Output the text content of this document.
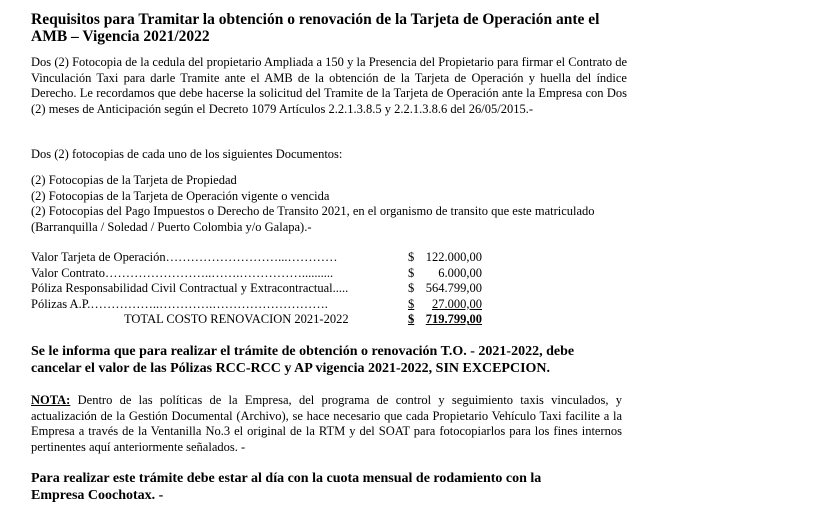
Requisitos para Tramitar la obtención o renovación de la Tarjeta de Operación ante el AMB – Vigencia 2021/2022
Dos (2) Fotocopia de la cedula del propietario Ampliada a 150 y la Presencia del Propietario para firmar el Contrato de Vinculación Taxi para darle Tramite ante el AMB de la obtención de la Tarjeta de Operación y huella del índice Derecho. Le recordamos que debe hacerse la solicitud del Tramite de la Tarjeta de Operación ante la Empresa con Dos (2) meses de Anticipación según el Decreto 1079 Artículos 2.2.1.3.8.5 y 2.2.1.3.8.6 del 26/05/2015.-
Dos (2) fotocopias de cada uno de los siguientes Documentos:
(2) Fotocopias de la Tarjeta de Propiedad
(2) Fotocopias de la Tarjeta de Operación vigente o vencida
(2) Fotocopias del Pago Impuestos o Derecho de Transito 2021, en el organismo de transito que este matriculado (Barranquilla / Soledad / Puerto Colombia y/o Galapa).-
Valor Tarjeta de Operación………………………...…………	$ 122.000,00
Valor Contrato……………………..…….……………..........	$	6.000,00
Póliza Responsabilidad Civil Contractual y Extracontractual.....	$ 564.799,00
Pólizas A.P.……………..………….……………………….	$	27.000,00
TOTAL COSTO RENOVACION 2021-2022	$ 719.799,00
Se le informa que para realizar el trámite de obtención o renovación T.O. - 2021-2022, debe cancelar el valor de las Pólizas RCC-RCC y AP vigencia 2021-2022, SIN EXCEPCION.
NOTA: Dentro de las políticas de la Empresa, del programa de control y seguimiento taxis vinculados, y actualización de la Gestión Documental (Archivo), se hace necesario que cada Propietario Vehículo Taxi facilite a la Empresa a través de la Ventanilla No.3 el original de la RTM y del SOAT para fotocopiarlos para los fines internos pertinentes aquí anteriormente señalados. -
Para realizar este trámite debe estar al día con la cuota mensual de rodamiento con la Empresa Coochotax. -
